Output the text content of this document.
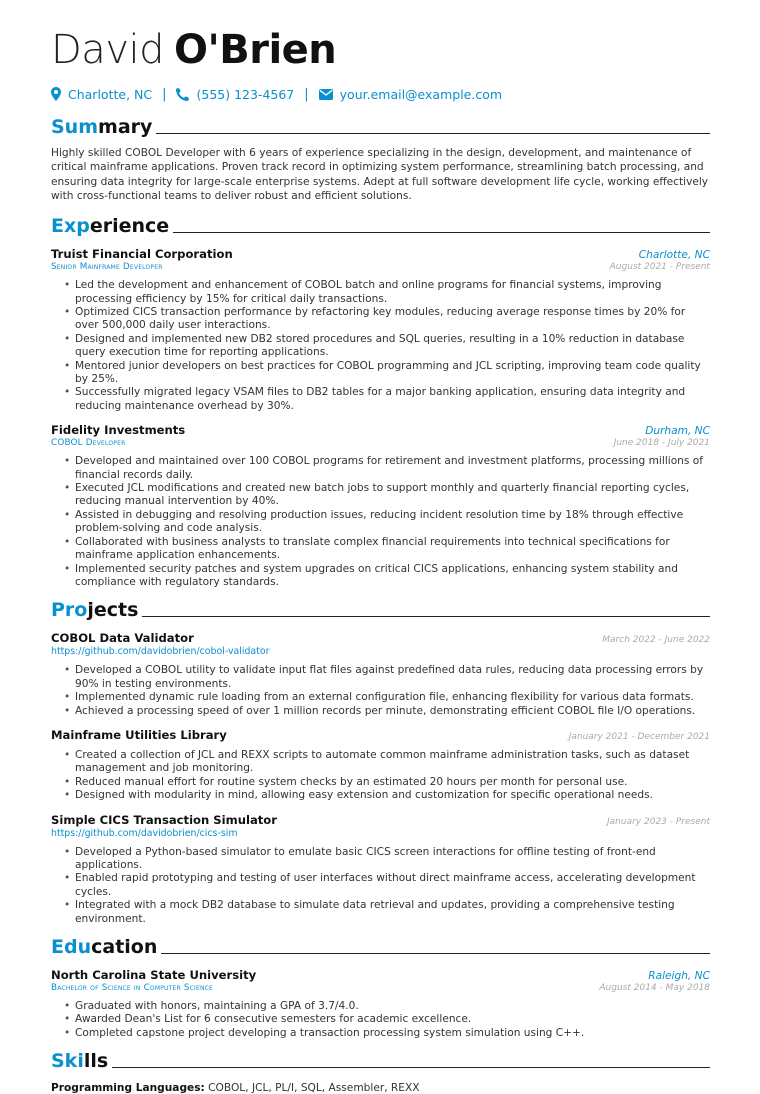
David O'Brien
Charlotte, NC | (555) 123-4567 | your.email@example.com
Summary
Highly skilled COBOL Developer with 6 years of experience specializing in the design, development, and maintenance of critical mainframe applications. Proven track record in optimizing system performance, streamlining batch processing, and ensuring data integrity for large-scale enterprise systems. Adept at full software development life cycle, working effectively with cross-functional teams to deliver robust and efficient solutions.
Experience
Truist Financial Corporation	Charlotte, NC
Senior Mainframe Developer	August 2021 - Present
• Led the development and enhancement of COBOL batch and online programs for financial systems, improving processing efficiency by 15% for critical daily transactions.
• Optimized CICS transaction performance by refactoring key modules, reducing average response times by 20% for over 500,000 daily user interactions.
• Designed and implemented new DB2 stored procedures and SQL queries, resulting in a 10% reduction in database query execution time for reporting applications.
• Mentored junior developers on best practices for COBOL programming and JCL scripting, improving team code quality by 25%.
• Successfully migrated legacy VSAM files to DB2 tables for a major banking application, ensuring data integrity and reducing maintenance overhead by 30%.
Fidelity Investments	Durham, NC
COBOL Developer	June 2018 - July 2021
• Developed and maintained over 100 COBOL programs for retirement and investment platforms, processing millions of financial records daily.
• Executed JCL modifications and created new batch jobs to support monthly and quarterly financial reporting cycles, reducing manual intervention by 40%.
• Assisted in debugging and resolving production issues, reducing incident resolution time by 18% through effective problem-solving and code analysis.
• Collaborated with business analysts to translate complex financial requirements into technical specifications for mainframe application enhancements.
• Implemented security patches and system upgrades on critical CICS applications, enhancing system stability and compliance with regulatory standards.
Projects
COBOL Data Validator	March 2022 - June 2022
https://github.com/davidobrien/cobol-validator
• Developed a COBOL utility to validate input flat files against predefined data rules, reducing data processing errors by 90% in testing environments.
• Implemented dynamic rule loading from an external configuration file, enhancing flexibility for various data formats.
• Achieved a processing speed of over 1 million records per minute, demonstrating efficient COBOL file I/O operations.
Mainframe Utilities Library	January 2021 - December 2021
• Created a collection of JCL and REXX scripts to automate common mainframe administration tasks, such as dataset management and job monitoring.
• Reduced manual effort for routine system checks by an estimated 20 hours per month for personal use.
• Designed with modularity in mind, allowing easy extension and customization for specific operational needs.
Simple CICS Transaction Simulator	January 2023 - Present
https://github.com/davidobrien/cics-sim
• Developed a Python-based simulator to emulate basic CICS screen interactions for offline testing of front-end applications.
• Enabled rapid prototyping and testing of user interfaces without direct mainframe access, accelerating development cycles.
• Integrated with a mock DB2 database to simulate data retrieval and updates, providing a comprehensive testing environment.
Education
North Carolina State University	Raleigh, NC
Bachelor of Science in Computer Science	August 2014 - May 2018
• Graduated with honors, maintaining a GPA of 3.7/4.0.
• Awarded Dean's List for 6 consecutive semesters for academic excellence.
• Completed capstone project developing a transaction processing system simulation using C++.
Skills
Programming Languages: COBOL, JCL, PL/I, SQL, Assembler, REXX
